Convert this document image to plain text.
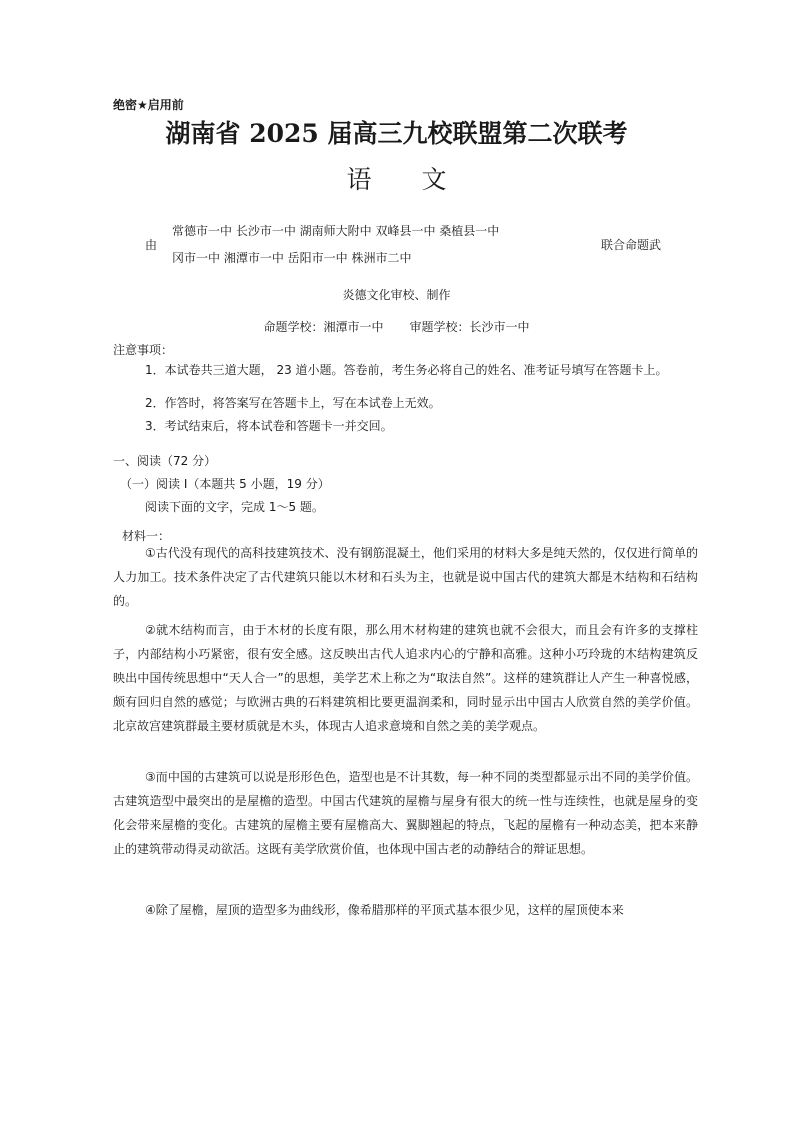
绝密★启用前
湖南省 2025 届高三九校联盟第二次联考
语 文
由
常德市一中 长沙市一中 湖南师大附中 双峰县一中 桑植县一中
冈市一中 湘潭市一中 岳阳市一中 株洲市二中
联合命题武
炎德文化审校、制作
命题学校：湘潭市一中 审题学校：长沙市一中
注意事项：
1．本试卷共三道大题， 23 道小题。答卷前，考生务必将自己的姓名、准考证号填写在答题卡上。
2．作答时，将答案写在答题卡上，写在本试卷上无效。
3．考试结束后，将本试卷和答题卡一并交回。
一、阅读（72 分）
（一）阅读 I（本题共 5 小题，19 分）
阅读下面的文字，完成 1～5 题。
材料一：

①古代没有现代的高科技建筑技术、没有钢筋混凝土，他们采用的材料大多是纯天然的，仅仅进行简单的人力加工。技术条件决定了古代建筑只能以木材和石头为主，也就是说中国古代的建筑大都是木结构和石结构的。

②就木结构而言，由于木材的长度有限，那么用木材构建的建筑也就不会很大，而且会有许多的支撑柱子，内部结构小巧紧密，很有安全感。这反映出古代人追求内心的宁静和高雅。这种小巧玲珑的木结构建筑反映出中国传统思想中“天人合一”的思想，美学艺术上称之为“取法自然”。这样的建筑群让人产生一种喜悦感，颇有回归自然的感觉；与欧洲古典的石料建筑相比要更温润柔和，同时显示出中国古人欣赏自然的美学价值。北京故宫建筑群最主要材质就是木头，体现古人追求意境和自然之美的美学观点。

③而中国的古建筑可以说是形形色色，造型也是不计其数，每一种不同的类型都显示出不同的美学价值。古建筑造型中最突出的是屋檐的造型。中国古代建筑的屋檐与屋身有很大的统一性与连续性，也就是屋身的变化会带来屋檐的变化。古建筑的屋檐主要有屋檐高大、翼脚翘起的特点，飞起的屋檐有一种动态美，把本来静止的建筑带动得灵动欲活。这既有美学欣赏价值，也体现中国古老的动静结合的辩证思想。

④除了屋檐，屋顶的造型多为曲线形，像希腊那样的平顶式基本很少见，这样的屋顶使本来
